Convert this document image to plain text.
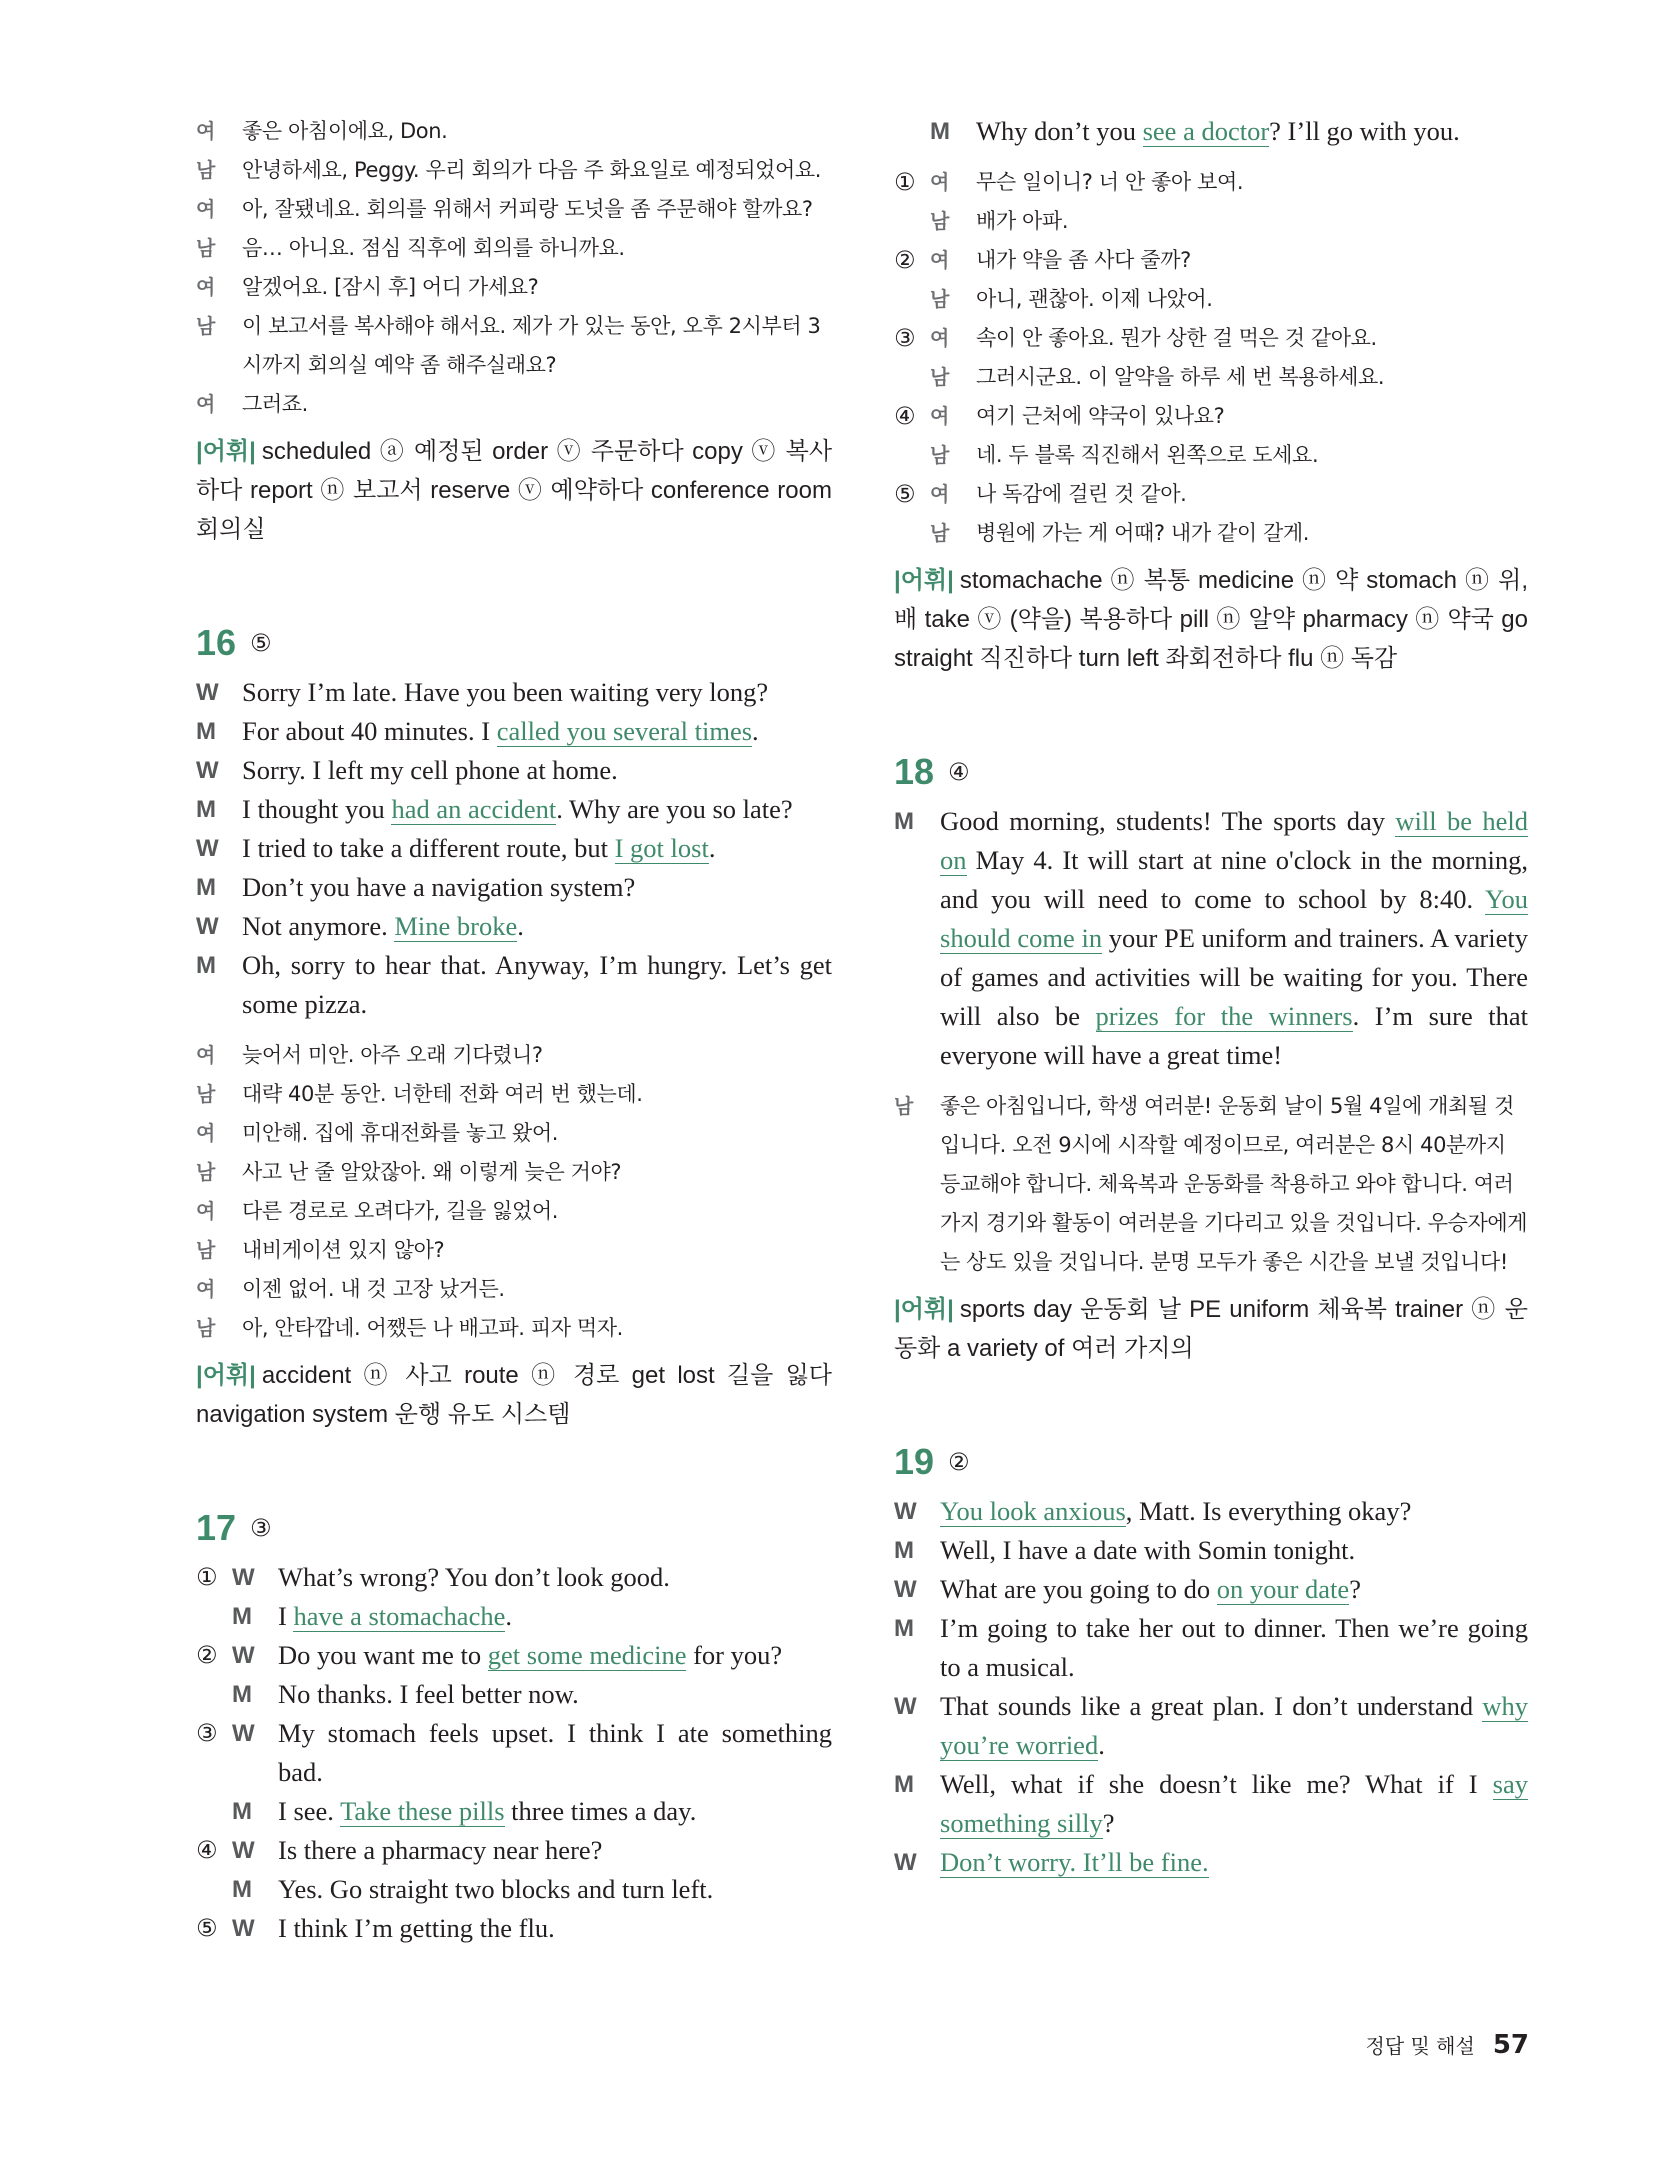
여	좋은 아침이에요, Don.
남	안녕하세요, Peggy. 우리 회의가 다음 주 화요일로 예정되었어요.
여	아, 잘됐네요. 회의를 위해서 커피랑 도넛을 좀 주문해야 할까요?
남	음… 아니요. 점심 직후에 회의를 하니까요.
여	알겠어요. [잠시 후] 어디 가세요?
남	이 보고서를 복사해야 해서요. 제가 가 있는 동안, 오후 2시부터 3시까지 회의실 예약 좀 해주실래요?
여	그러죠.
|어휘| scheduled ⓐ 예정된 order ⓥ 주문하다 copy ⓥ 복사하다 report ⓝ 보고서 reserve ⓥ 예약하다 conference room 회의실
16 ⑤
W Sorry I’m late. Have you been waiting very long?
M For about 40 minutes. I called you several times.
W Sorry. I left my cell phone at home.
M I thought you had an accident. Why are you so late?
W I tried to take a different route, but I got lost.
M Don’t you have a navigation system?
W Not anymore. Mine broke.
M Oh, sorry to hear that. Anyway, I’m hungry. Let’s get some pizza.
여	늦어서 미안. 아주 오래 기다렸니?
남	대략 40분 동안. 너한테 전화 여러 번 했는데.
여	미안해. 집에 휴대전화를 놓고 왔어.
남	사고 난 줄 알았잖아. 왜 이렇게 늦은 거야?
여	다른 경로로 오려다가, 길을 잃었어.
남	내비게이션 있지 않아?
여	이젠 없어. 내 것 고장 났거든.
남	아, 안타깝네. 어쨌든 나 배고파. 피자 먹자.
|어휘| accident ⓝ 사고 route ⓝ 경로 get lost 길을 잃다 navigation system 운행 유도 시스템
17 ③
① W What’s wrong? You don’t look good.
M I have a stomachache.
② W Do you want me to get some medicine for you?
M No thanks. I feel better now.
③ W My stomach feels upset. I think I ate something bad.
M I see. Take these pills three times a day.
④ W Is there a pharmacy near here?
M Yes. Go straight two blocks and turn left.
⑤ W I think I’m getting the flu.
M Why don’t you see a doctor? I’ll go with you.
① 여	무슨 일이니? 너 안 좋아 보여.
남	배가 아파.
② 여	내가 약을 좀 사다 줄까?
남	아니, 괜찮아. 이제 나았어.
③ 여	속이 안 좋아요. 뭔가 상한 걸 먹은 것 같아요.
남	그러시군요. 이 알약을 하루 세 번 복용하세요.
④ 여	여기 근처에 약국이 있나요?
남	네. 두 블록 직진해서 왼쪽으로 도세요.
⑤ 여	나 독감에 걸린 것 같아.
남	병원에 가는 게 어때? 내가 같이 갈게.
|어휘| stomachache ⓝ 복통 medicine ⓝ 약 stomach ⓝ 위, 배 take ⓥ (약을) 복용하다 pill ⓝ 알약 pharmacy ⓝ 약국 go straight 직진하다 turn left 좌회전하다 flu ⓝ 독감
18 ④
M Good morning, students! The sports day will be held on May 4. It will start at nine o'clock in the morning, and you will need to come to school by 8:40. You should come in your PE uniform and trainers. A variety of games and activities will be waiting for you. There will also be prizes for the winners. I’m sure that everyone will have a great time!
남	좋은 아침입니다, 학생 여러분! 운동회 날이 5월 4일에 개최될 것입니다. 오전 9시에 시작할 예정이므로, 여러분은 8시 40분까지 등교해야 합니다. 체육복과 운동화를 착용하고 와야 합니다. 여러 가지 경기와 활동이 여러분을 기다리고 있을 것입니다. 우승자에게는 상도 있을 것입니다. 분명 모두가 좋은 시간을 보낼 것입니다!
|어휘| sports day 운동회 날 PE uniform 체육복 trainer ⓝ 운동화 a variety of 여러 가지의
19 ②
W You look anxious, Matt. Is everything okay?
M Well, I have a date with Somin tonight.
W What are you going to do on your date?
M I’m going to take her out to dinner. Then we’re going to a musical.
W That sounds like a great plan. I don’t understand why you’re worried.
M Well, what if she doesn’t like me? What if I say something silly?
W Don’t worry. It’ll be fine.
정답 및 해설 57
